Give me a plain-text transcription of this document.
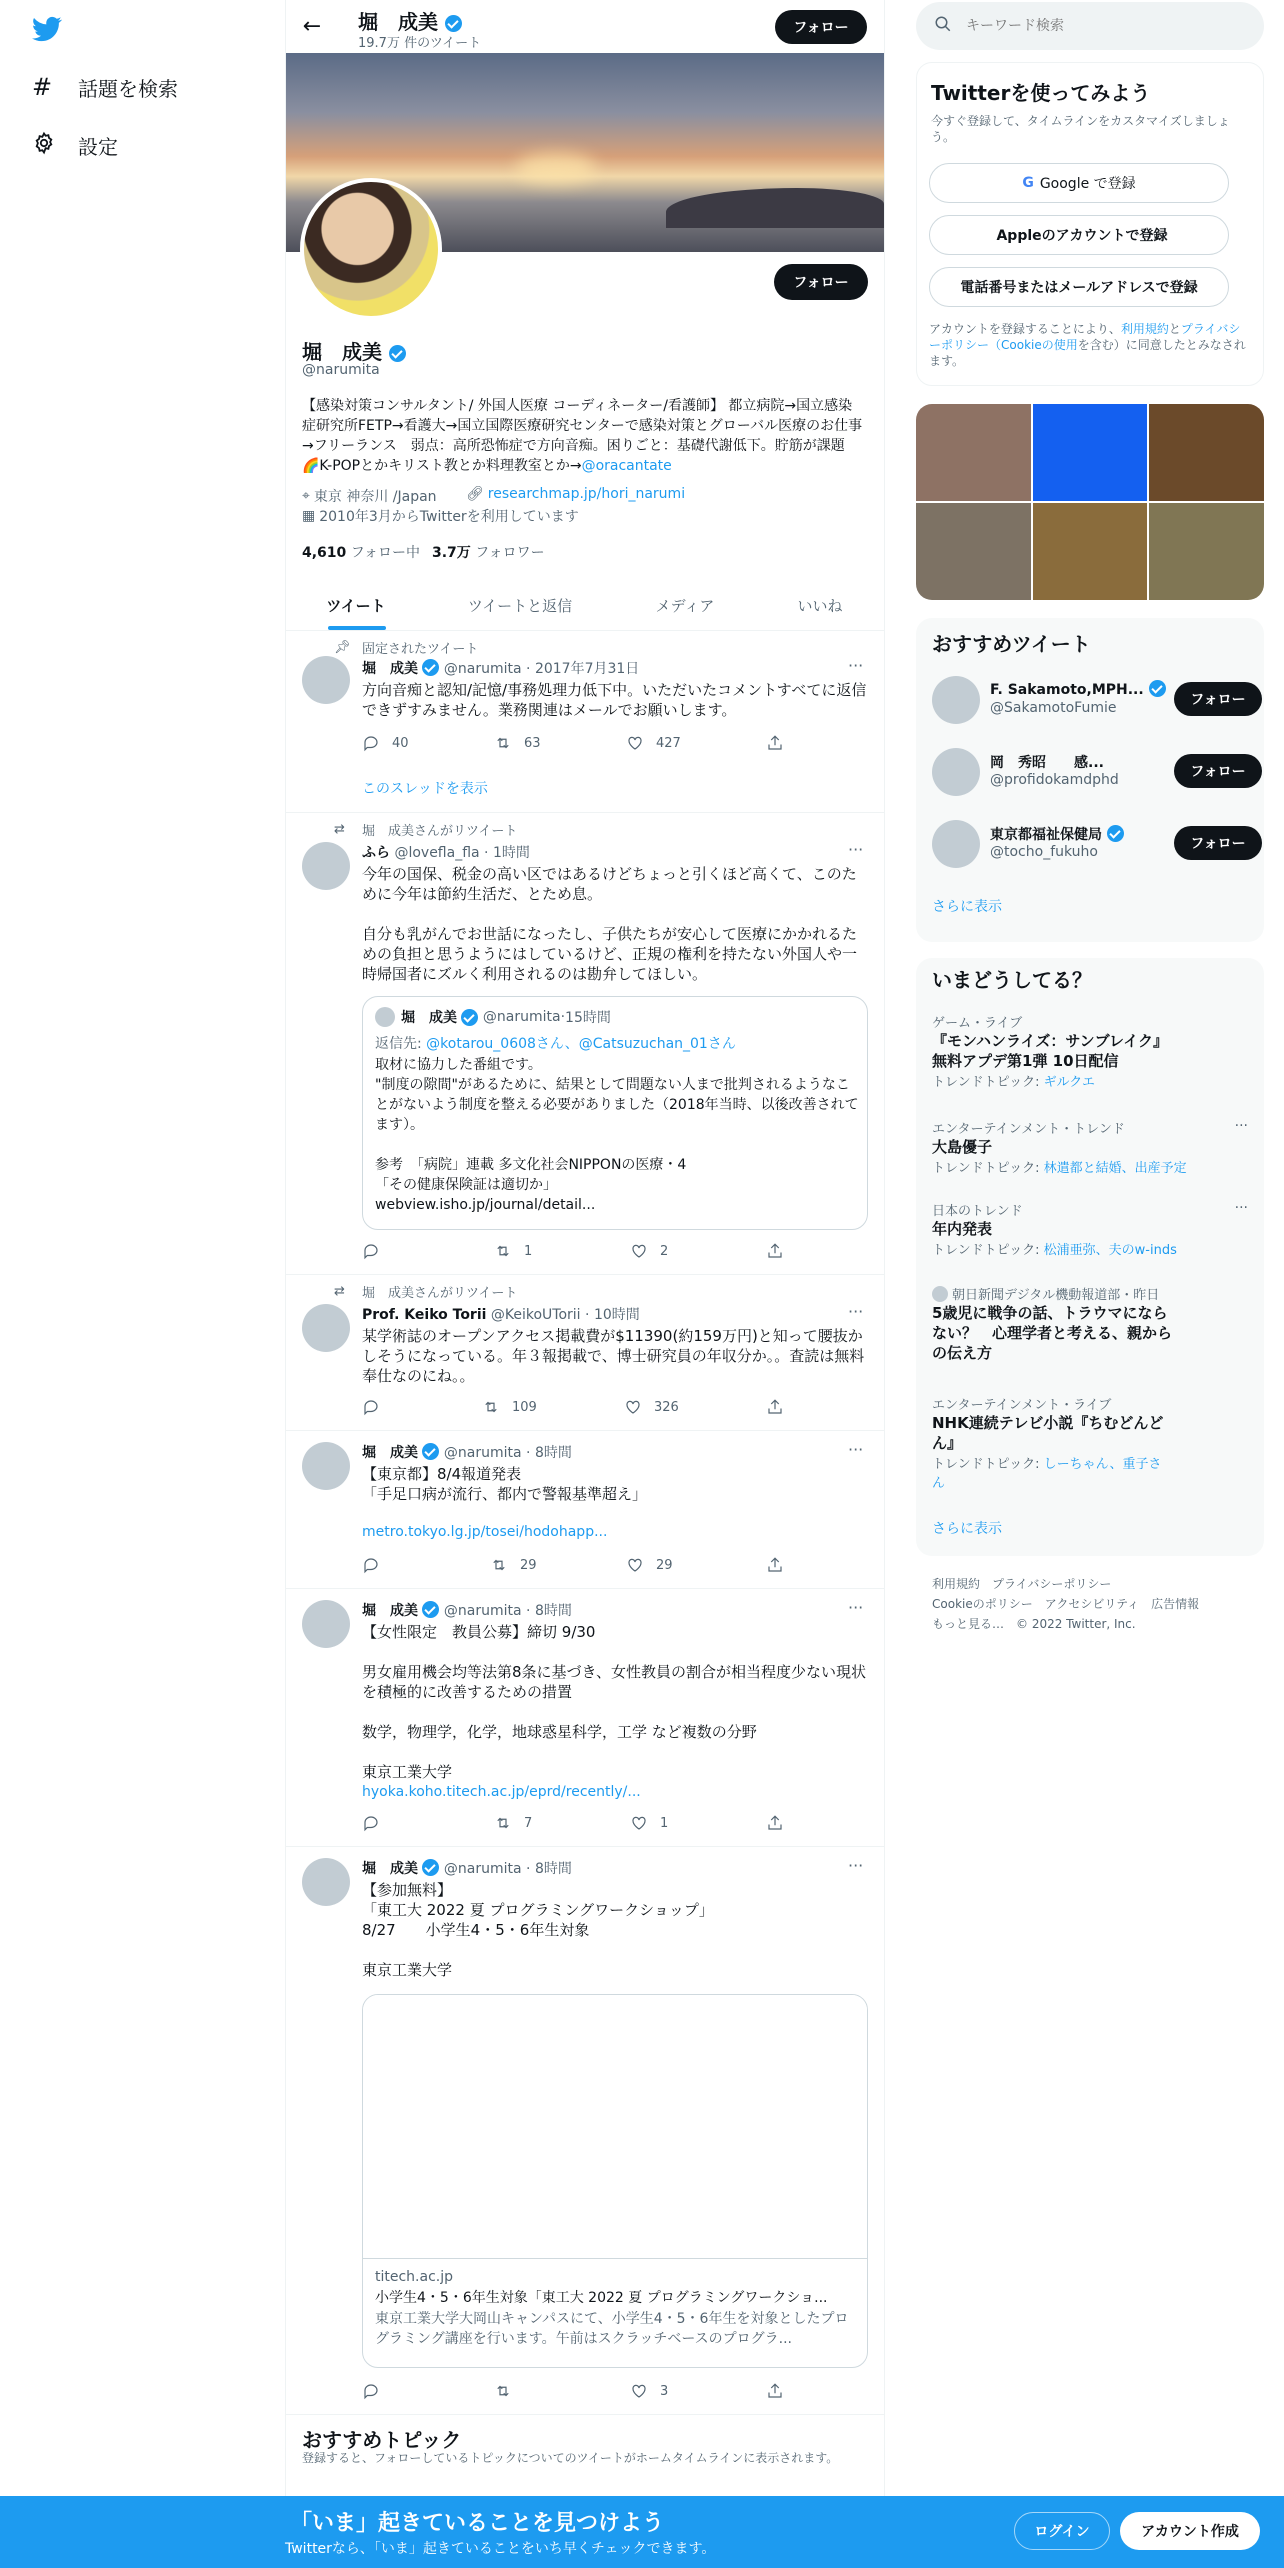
# 話題を検索
設定
← 堀　成美
19.7万 件のツイート
フォロー
フォロー
堀　成美
@narumita
【感染対策コンサルタント/ 外国人医療 コーディネーター/看護師】 都立病院→国立感染症研究所FETP→看護大→国立国際医療研究センターで感染対策とグローバル医療のお仕事→フリーランス　弱点：高所恐怖症で方向音痴。困りごと：基礎代謝低下。貯筋が課題　🌈K-POPとかキリスト教とか料理教室とか→@oracantate
⌖ 東京 神奈川 /Japan 🔗︎ researchmap.jp/hori_narumi
▦ 2010年3月からTwitterを利用しています
4,610 フォロー中 3.7万 フォロワー
ツイート	ツイートと返信	メディア	いいね
📌︎ 固定されたツイート
堀　成美 @narumita · 2017年7月31日	···
方向音痴と認知/記憶/事務処理力低下中。いただいたコメントすべてに返信できずすみません。業務関連はメールでお願いします。
40	63	427
このスレッドを表示
⇄	堀　成美さんがリツイート
ふら @lovefla_fla · 1時間	···
今年の国保、税金の高い区ではあるけどちょっと引くほど高くて、このために今年は節約生活だ、とため息。

自分も乳がんでお世話になったし、子供たちが安心して医療にかかれるための負担と思うようにはしているけど、正規の権利を持たない外国人や一時帰国者にズルく利用されるのは勘弁してほしい。
堀　成美

@narumita · 15時間
返信先: @kotarou_0608さん、@Catsuzuchan_01さん
取材に協力した番組です。
"制度の隙間"があるために、結果として問題ない人まで批判されるようなことがないよう制度を整える必要がありました（2018年当時、以後改善されてます）。

参考　「病院」連載 多文化社会NIPPONの医療・4
「その健康保険証は適切か」
webview.isho.jp/journal/detail...
1	2
⇄	堀　成美さんがリツイート
Prof. Keiko Torii @KeikoUTorii · 10時間	···
某学術誌のオープンアクセス掲載費が$11390(約159万円)と知って腰抜かしそうになっている。年３報掲載で、博士研究員の年収分か。。査読は無料奉仕なのにね。。
109	326
堀　成美 @narumita · 8時間	···
【東京都】8/4報道発表
「手足口病が流行、都内で警報基準超え」

metro.tokyo.lg.jp/tosei/hodohapp...
29	29
堀　成美 @narumita · 8時間	···
【女性限定　教員公募】締切 9/30

男女雇用機会均等法第8条に基づき、女性教員の割合が相当程度少ない現状を積極的に改善するための措置

数学，物理学，化学，地球惑星科学，工学 など複数の分野

東京工業大学
hyoka.koho.titech.ac.jp/eprd/recently/...
7	1
堀　成美 @narumita · 8時間	···
【参加無料】
「東工大 2022 夏 プログラミングワークショップ」
8/27　　小学生4・5・6年生対象

東京工業大学
titech.ac.jp
小学生4・5・6年生対象「東工大 2022 夏 プログラミングワークショ...
東京工業大学大岡山キャンパスにて、小学生4・5・6年生を対象としたプログラミング講座を行います。午前はスクラッチベースのプログラ...
3
おすすめトピック
登録すると、フォローしているトピックについてのツイートがホームタイムラインに表示されます。
キーワード検索
Twitterを使ってみよう
今すぐ登録して、タイムラインをカスタマイズしましょう。
G Google で登録
Appleのアカウントで登録
電話番号またはメールアドレスで登録
アカウントを登録することにより、利用規約とプライバシーポリシー（Cookieの使用を含む）に同意したとみなされます。
おすすめツイート
F. Sakamoto,MPH...
@SakamotoFumie	フォロー
岡　秀昭　　感...
@profidokamdphd	フォロー
東京都福祉保健局
@tocho_fukuho	フォロー
さらに表示
いまどうしてる？
ゲーム・ライブ
『モンハンライズ：サンブレイク』無料アプデ第1弾 10日配信
トレンドトピック: ギルクエ
エンターテインメント・トレンド
大島優子
トレンドトピック: 林遣都と結婚、出産予定
···
日本のトレンド
年内発表
トレンドトピック: 松浦亜弥、夫のw-inds
···
朝日新聞デジタル機動報道部・昨日
5歳児に戦争の話、トラウマにならない？　心理学者と考える、親からの伝え方
エンターテインメント・ライブ
NHK連続テレビ小説『ちむどんどん』
トレンドトピック: しーちゃん、重子さん
さらに表示
利用規約　プライバシーポリシー
Cookieのポリシー　アクセシビリティ　広告情報
もっと見る…　© 2022 Twitter, Inc.
「いま」起きていることを見つけよう
Twitterなら、「いま」起きていることをいち早くチェックできます。
ログイン	アカウント作成
